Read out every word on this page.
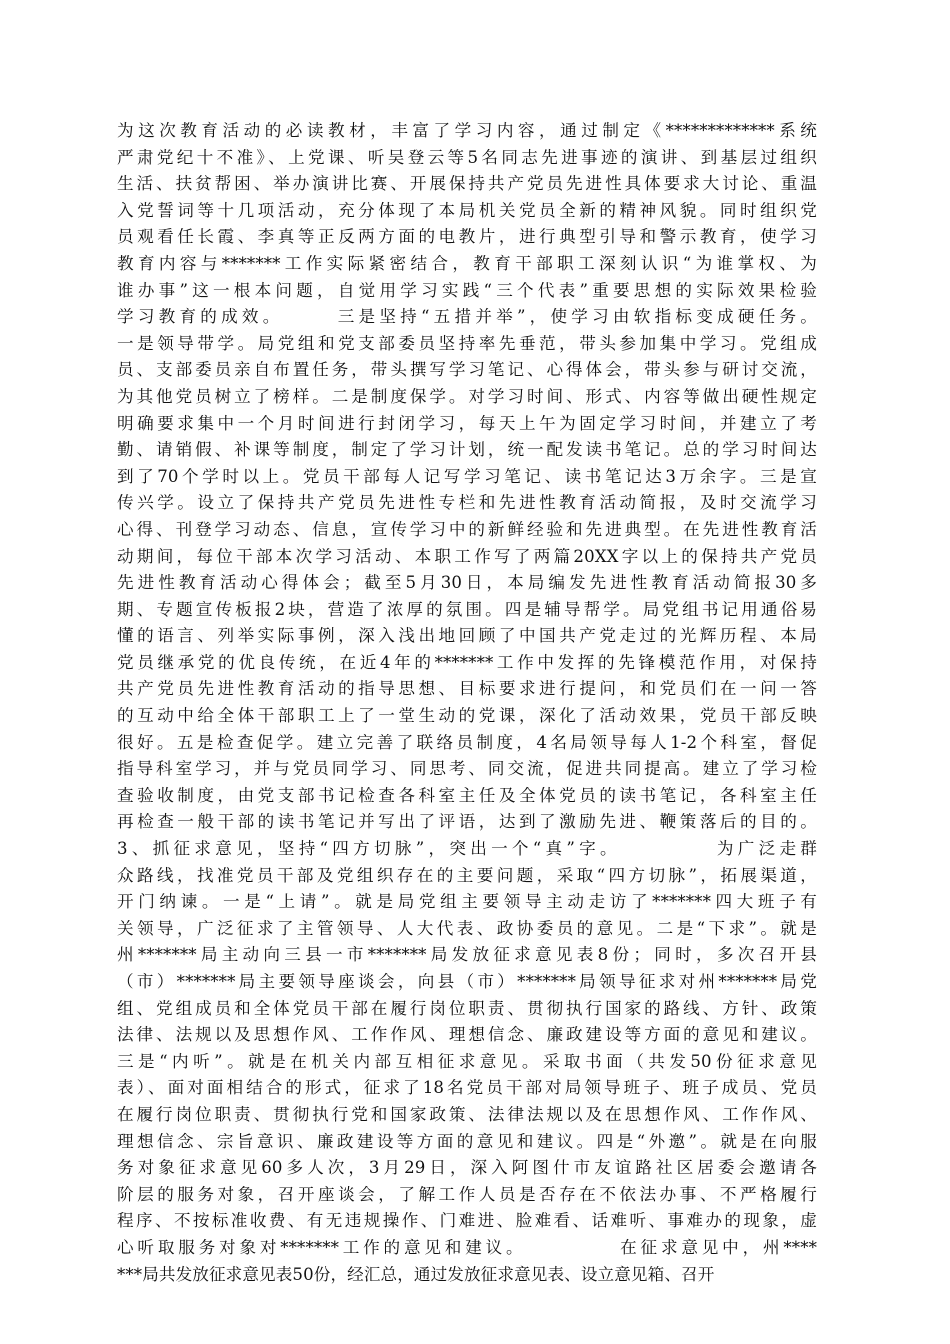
为这次教育活动的必读教材，丰富了学习内容，通过制定《*************系统
严肃党纪十不准》、上党课、听吴登云等5名同志先进事迹的演讲、到基层过组织
生活、扶贫帮困、举办演讲比赛、开展保持共产党员先进性具体要求大讨论、重温
入党誓词等十几项活动，充分体现了本局机关党员全新的精神风貌。同时组织党
员观看任长霞、李真等正反两方面的电教片，进行典型引导和警示教育，使学习
教育内容与*******工作实际紧密结合，教育干部职工深刻认识“为谁掌权、为
谁办事”这一根本问题，自觉用学习实践“三个代表”重要思想的实际效果检验
学习教育的成效。　　　三是坚持“五措并举”，使学习由软指标变成硬任务。
一是领导带学。局党组和党支部委员坚持率先垂范，带头参加集中学习。党组成
员、支部委员亲自布置任务，带头撰写学习笔记、心得体会，带头参与研讨交流，
为其他党员树立了榜样。二是制度保学。对学习时间、形式、内容等做出硬性规定
明确要求集中一个月时间进行封闭学习，每天上午为固定学习时间，并建立了考
勤、请销假、补课等制度，制定了学习计划，统一配发读书笔记。总的学习时间达
到了70个学时以上。党员干部每人记写学习笔记、读书笔记达3万余字。三是宣
传兴学。设立了保持共产党员先进性专栏和先进性教育活动简报，及时交流学习
心得、刊登学习动态、信息，宣传学习中的新鲜经验和先进典型。在先进性教育活
动期间，每位干部本次学习活动、本职工作写了两篇20XX字以上的保持共产党员
先进性教育活动心得体会；截至5月30日，本局编发先进性教育活动简报30多
期、专题宣传板报2块，营造了浓厚的氛围。四是辅导帮学。局党组书记用通俗易
懂的语言、列举实际事例，深入浅出地回顾了中国共产党走过的光辉历程、本局
党员继承党的优良传统，在近4年的*******工作中发挥的先锋模范作用，对保持
共产党员先进性教育活动的指导思想、目标要求进行提问，和党员们在一问一答
的互动中给全体干部职工上了一堂生动的党课，深化了活动效果，党员干部反映
很好。五是检查促学。建立完善了联络员制度，4名局领导每人1-2个科室，督促
指导科室学习，并与党员同学习、同思考、同交流，促进共同提高。建立了学习检
查验收制度，由党支部书记检查各科室主任及全体党员的读书笔记，各科室主任
再检查一般干部的读书笔记并写出了评语，达到了激励先进、鞭策落后的目的。
3、抓征求意见，坚持“四方切脉”，突出一个“真”字。　　　　　为广泛走群
众路线，找准党员干部及党组织存在的主要问题，采取“四方切脉”，拓展渠道，
开门纳谏。一是“上请”。就是局党组主要领导主动走访了*******四大班子有
关领导，广泛征求了主管领导、人大代表、政协委员的意见。二是“下求”。就是
州*******局主动向三县一市*******局发放征求意见表8份；同时，多次召开县
（市）*******局主要领导座谈会，向县（市）*******局领导征求对州*******局党
组、党组成员和全体党员干部在履行岗位职责、贯彻执行国家的路线、方针、政策
法律、法规以及思想作风、工作作风、理想信念、廉政建设等方面的意见和建议。
三是“内听”。就是在机关内部互相征求意见。采取书面（共发50份征求意见
表）、面对面相结合的形式，征求了18名党员干部对局领导班子、班子成员、党员
在履行岗位职责、贯彻执行党和国家政策、法律法规以及在思想作风、工作作风、
理想信念、宗旨意识、廉政建设等方面的意见和建议。四是“外邀”。就是在向服
务对象征求意见60多人次，3月29日，深入阿图什市友谊路社区居委会邀请各
阶层的服务对象，召开座谈会，了解工作人员是否存在不依法办事、不严格履行
程序、不按标准收费、有无违规操作、门难进、脸难看、话难听、事难办的现象，虚
心听取服务对象对*******工作的意见和建议。　　　　　在征求意见中，州****
***局共发放征求意见表50份，经汇总，通过发放征求意见表、设立意见箱、召开
